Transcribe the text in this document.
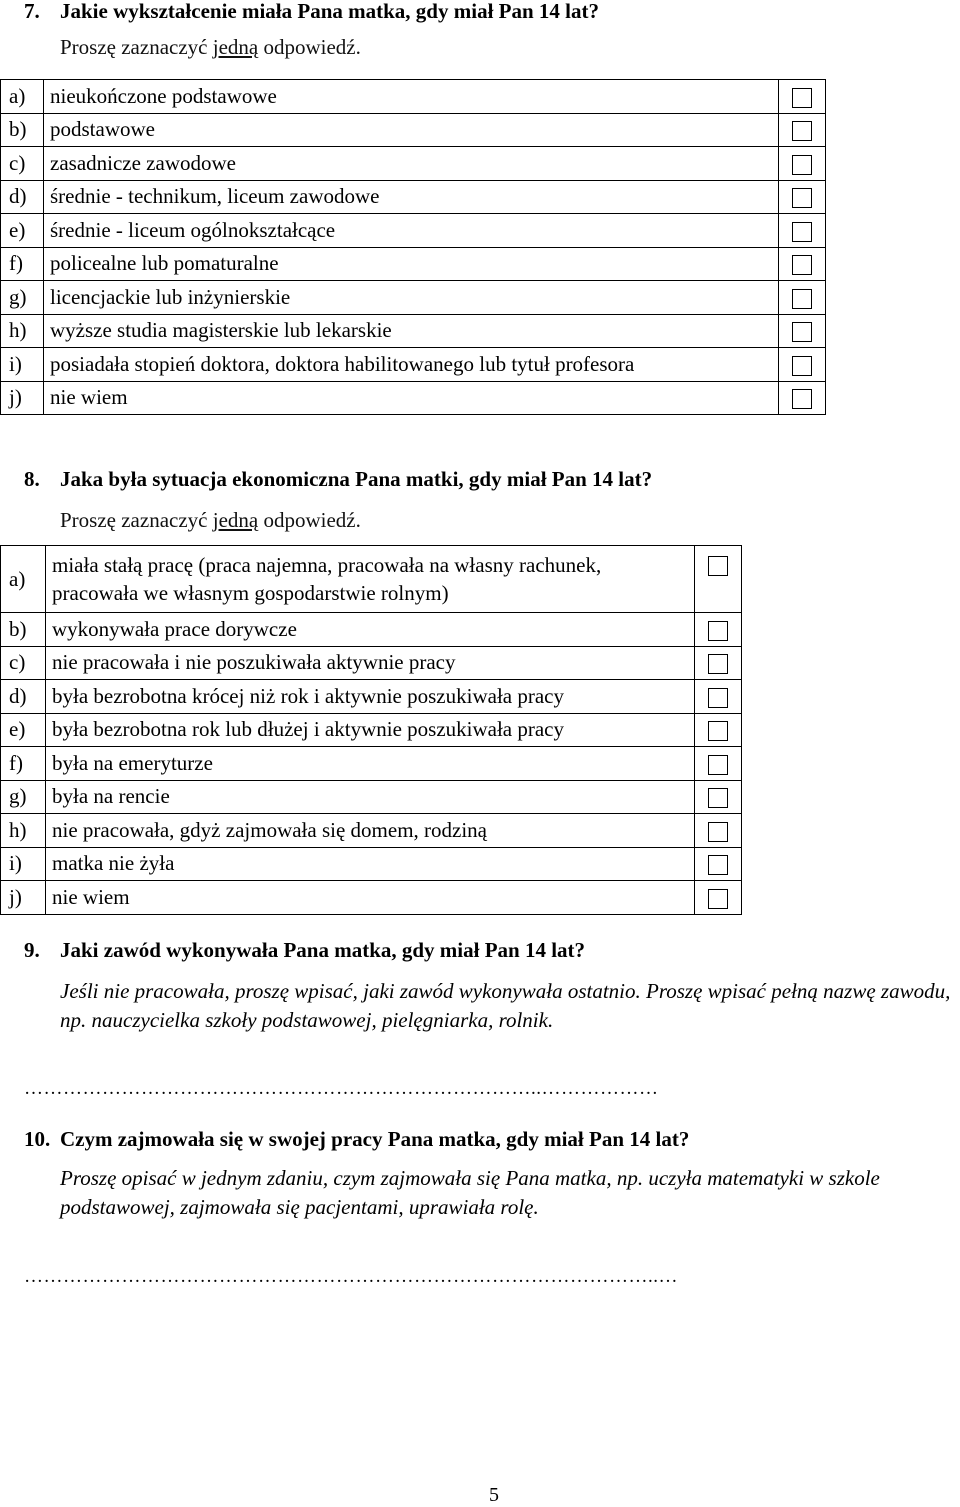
7. Jakie wykształcenie miała Pana matka, gdy miał Pan 14 lat?
Proszę zaznaczyć jedną odpowiedź.
a)	nieukończone podstawowe	
b)	podstawowe	
c)	zasadnicze zawodowe	
d)	średnie - technikum, liceum zawodowe	
e)	średnie - liceum ogólnokształcące	
f)	policealne lub pomaturalne	
g)	licencjackie lub inżynierskie	
h)	wyższe studia magisterskie lub lekarskie	
i)	posiadała stopień doktora, doktora habilitowanego lub tytuł profesora	
j)	nie wiem	
8. Jaka była sytuacja ekonomiczna Pana matki, gdy miał Pan 14 lat?
Proszę zaznaczyć jedną odpowiedź.
a)	miała stałą pracę (praca najemna, pracowała na własny rachunek, pracowała we własnym gospodarstwie rolnym)	
b)	wykonywała prace dorywcze	
c)	nie pracowała i nie poszukiwała aktywnie pracy	
d)	była bezrobotna krócej niż rok i aktywnie poszukiwała pracy	
e)	była bezrobotna rok lub dłużej i aktywnie poszukiwała pracy	
f)	była na emeryturze	
g)	była na rencie	
h)	nie pracowała, gdyż zajmowała się domem, rodziną	
i)	matka nie żyła	
j)	nie wiem	
9. Jaki zawód wykonywała Pana matka, gdy miał Pan 14 lat?
Jeśli nie pracowała, proszę wpisać, jaki zawód wykonywała ostatnio. Proszę wpisać pełną nazwę zawodu, np. nauczycielka szkoły podstawowej, pielęgniarka, rolnik.
……………………………………………………………………..………………
10. Czym zajmowała się w swojej pracy Pana matka, gdy miał Pan 14 lat?
Proszę opisać w jednym zdaniu, czym zajmowała się Pana matka, np. uczyła matematyki w szkole podstawowej, zajmowała się pacjentami, uprawiała rolę.
……………………………………………………………………………………..…
5
